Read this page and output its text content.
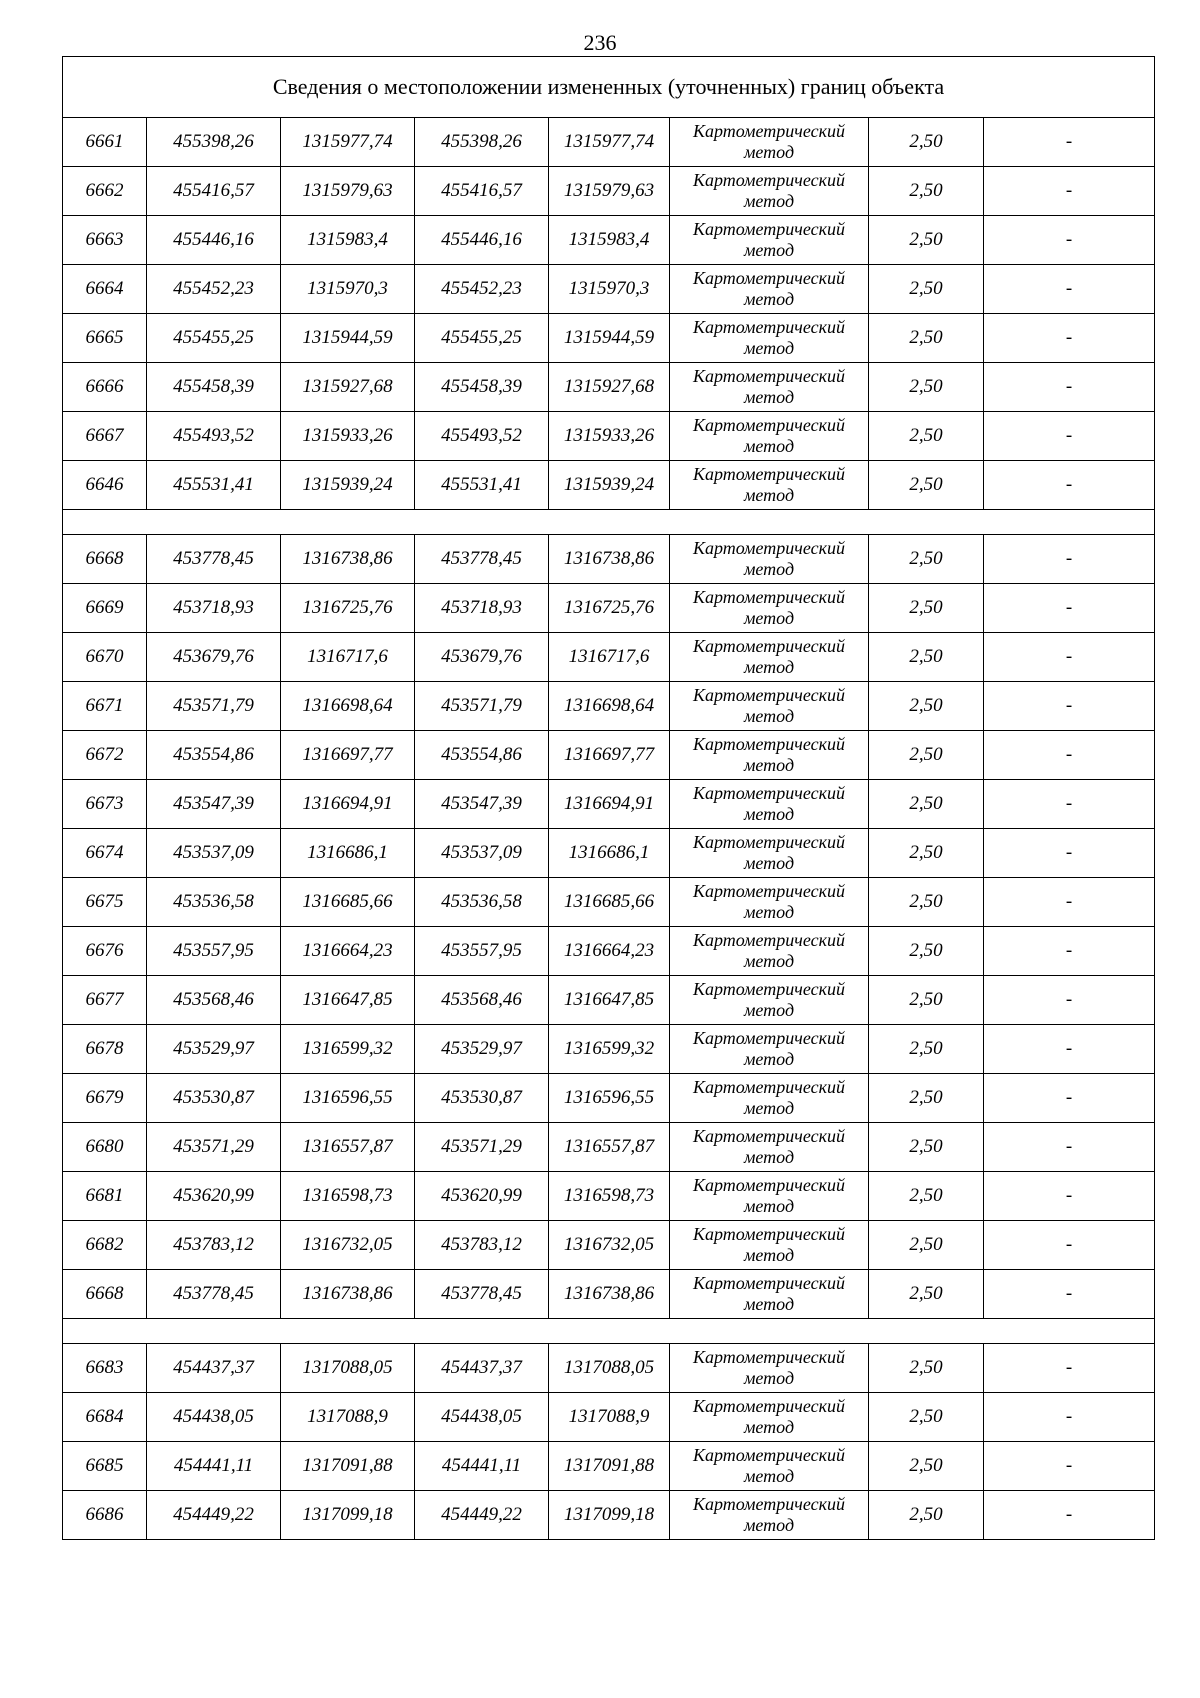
236
Сведения о местоположении измененных (уточненных) границ объекта							
6661	455398,26	1315977,74	455398,26	1315977,74	Картометрический метод	2,50	-
6662	455416,57	1315979,63	455416,57	1315979,63	Картометрический метод	2,50	-
6663	455446,16	1315983,4	455446,16	1315983,4	Картометрический метод	2,50	-
6664	455452,23	1315970,3	455452,23	1315970,3	Картометрический метод	2,50	-
6665	455455,25	1315944,59	455455,25	1315944,59	Картометрический метод	2,50	-
6666	455458,39	1315927,68	455458,39	1315927,68	Картометрический метод	2,50	-
6667	455493,52	1315933,26	455493,52	1315933,26	Картометрический метод	2,50	-
6646	455531,41	1315939,24	455531,41	1315939,24	Картометрический метод	2,50	-

6668	453778,45	1316738,86	453778,45	1316738,86	Картометрический метод	2,50	-
6669	453718,93	1316725,76	453718,93	1316725,76	Картометрический метод	2,50	-
6670	453679,76	1316717,6	453679,76	1316717,6	Картометрический метод	2,50	-
6671	453571,79	1316698,64	453571,79	1316698,64	Картометрический метод	2,50	-
6672	453554,86	1316697,77	453554,86	1316697,77	Картометрический метод	2,50	-
6673	453547,39	1316694,91	453547,39	1316694,91	Картометрический метод	2,50	-
6674	453537,09	1316686,1	453537,09	1316686,1	Картометрический метод	2,50	-
6675	453536,58	1316685,66	453536,58	1316685,66	Картометрический метод	2,50	-
6676	453557,95	1316664,23	453557,95	1316664,23	Картометрический метод	2,50	-
6677	453568,46	1316647,85	453568,46	1316647,85	Картометрический метод	2,50	-
6678	453529,97	1316599,32	453529,97	1316599,32	Картометрический метод	2,50	-
6679	453530,87	1316596,55	453530,87	1316596,55	Картометрический метод	2,50	-
6680	453571,29	1316557,87	453571,29	1316557,87	Картометрический метод	2,50	-
6681	453620,99	1316598,73	453620,99	1316598,73	Картометрический метод	2,50	-
6682	453783,12	1316732,05	453783,12	1316732,05	Картометрический метод	2,50	-
6668	453778,45	1316738,86	453778,45	1316738,86	Картометрический метод	2,50	-

6683	454437,37	1317088,05	454437,37	1317088,05	Картометрический метод	2,50	-
6684	454438,05	1317088,9	454438,05	1317088,9	Картометрический метод	2,50	-
6685	454441,11	1317091,88	454441,11	1317091,88	Картометрический метод	2,50	-
6686	454449,22	1317099,18	454449,22	1317099,18	Картометрический метод	2,50	-
